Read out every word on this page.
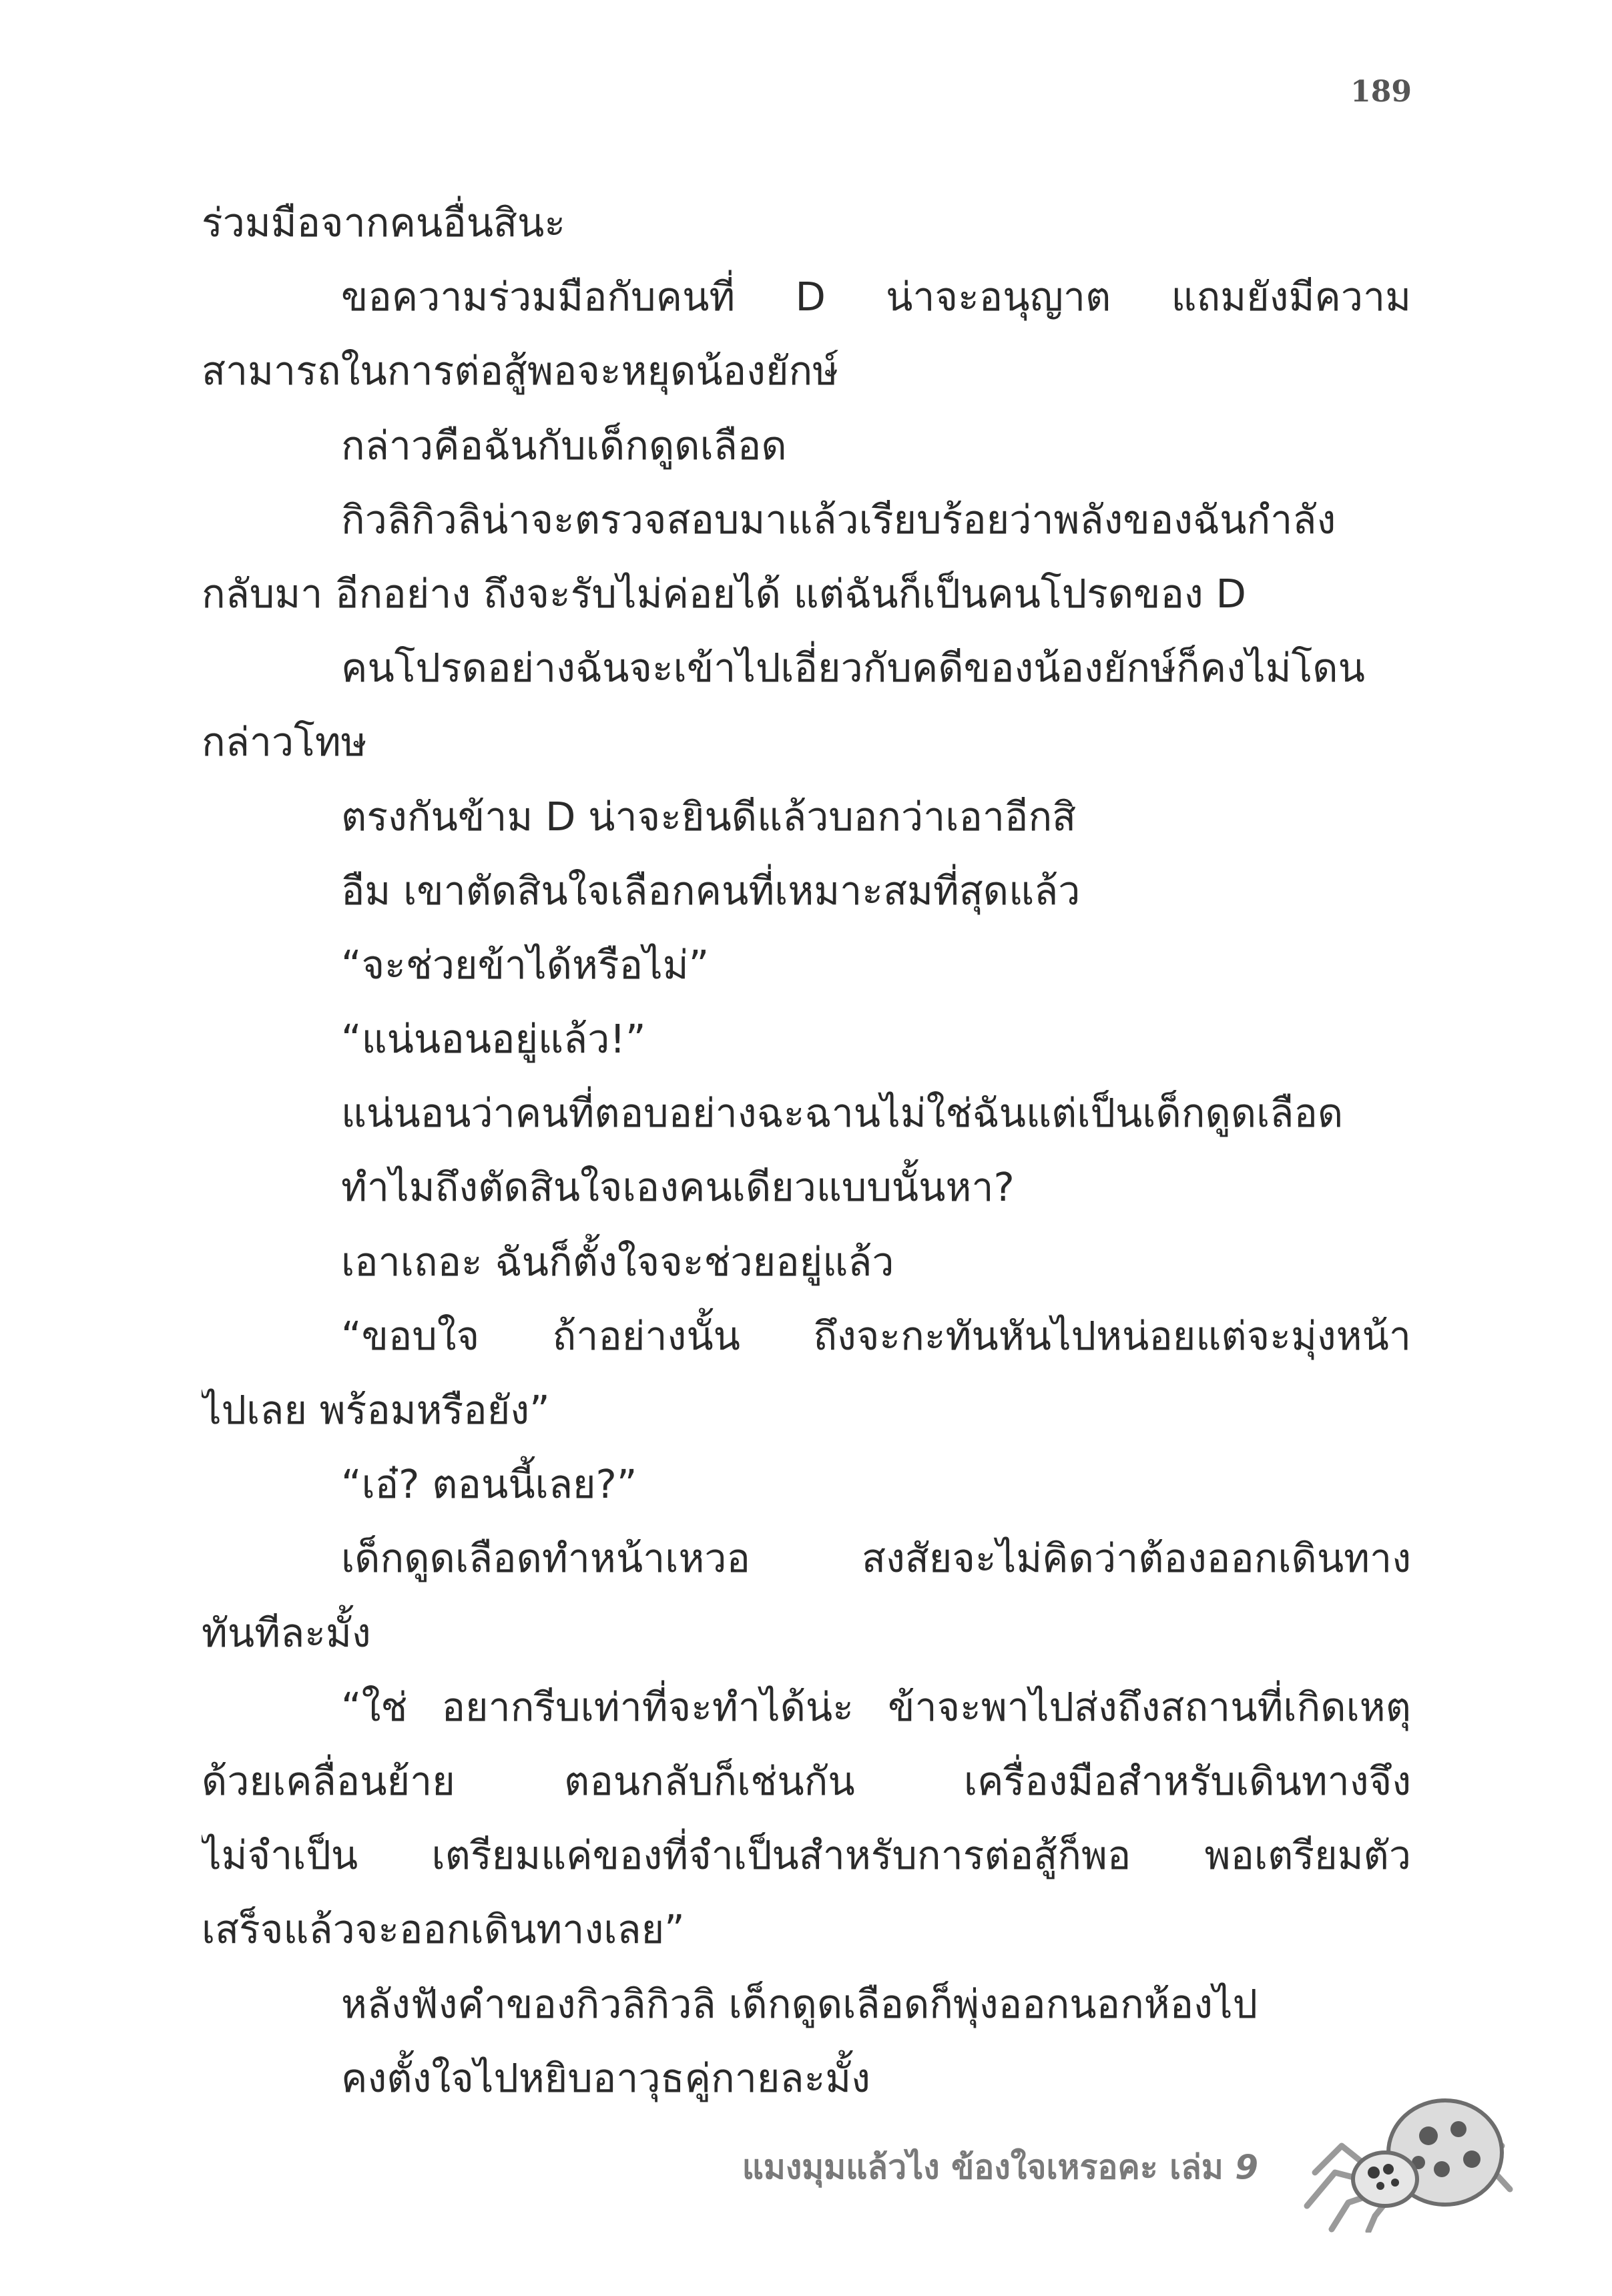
189
ร่วมมือจากคนอื่นสินะ
ขอความร่วมมือกับคนที่ D น่าจะอนุญาต แถมยังมีความ
สามารถในการต่อสู้พอจะหยุดน้องยักษ์
กล่าวคือฉันกับเด็กดูดเลือด
กิวลิกิวลิน่าจะตรวจสอบมาแล้วเรียบร้อยว่าพลังของฉันกำลัง
กลับมา อีกอย่าง ถึงจะรับไม่ค่อยได้ แต่ฉันก็เป็นคนโปรดของ D
คนโปรดอย่างฉันจะเข้าไปเอี่ยวกับคดีของน้องยักษ์ก็คงไม่โดน
กล่าวโทษ
ตรงกันข้าม D น่าจะยินดีแล้วบอกว่าเอาอีกสิ
อืม เขาตัดสินใจเลือกคนที่เหมาะสมที่สุดแล้ว
“จะช่วยข้าได้หรือไม่”
“แน่นอนอยู่แล้ว!”
แน่นอนว่าคนที่ตอบอย่างฉะฉานไม่ใช่ฉันแต่เป็นเด็กดูดเลือด
ทำไมถึงตัดสินใจเองคนเดียวแบบนั้นหา?
เอาเถอะ ฉันก็ตั้งใจจะช่วยอยู่แล้ว
“ขอบใจ ถ้าอย่างนั้น ถึงจะกะทันหันไปหน่อยแต่จะมุ่งหน้า
ไปเลย พร้อมหรือยัง”
“เอ๋? ตอนนี้เลย?”
เด็กดูดเลือดทำหน้าเหวอ สงสัยจะไม่คิดว่าต้องออกเดินทาง
ทันทีละมั้ง
“ใช่ อยากรีบเท่าที่จะทำได้น่ะ ข้าจะพาไปส่งถึงสถานที่เกิดเหตุ
ด้วยเคลื่อนย้าย ตอนกลับก็เช่นกัน เครื่องมือสำหรับเดินทางจึง
ไม่จำเป็น เตรียมแค่ของที่จำเป็นสำหรับการต่อสู้ก็พอ พอเตรียมตัว
เสร็จแล้วจะออกเดินทางเลย”
หลังฟังคำของกิวลิกิวลิ เด็กดูดเลือดก็พุ่งออกนอกห้องไป
คงตั้งใจไปหยิบอาวุธคู่กายละมั้ง
แมงมุมแล้วไง ข้องใจเหรอคะ เล่ม 9
